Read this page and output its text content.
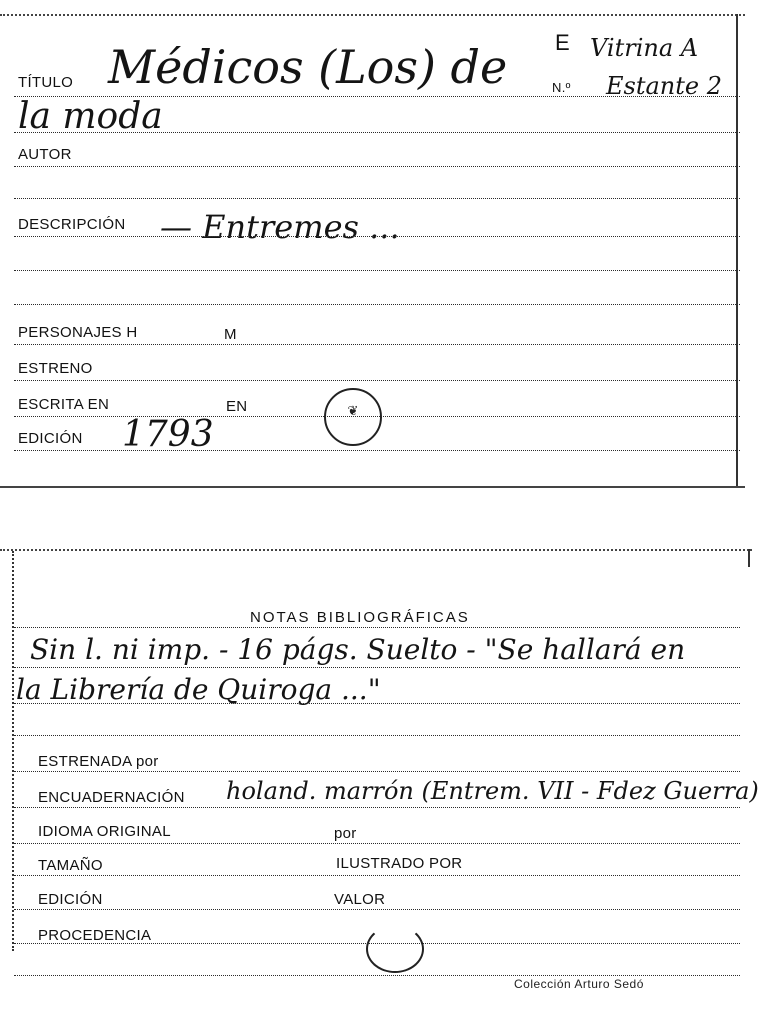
E Vitrina A
N.º Estante 2
TÍTULO Médicos (Los) de
la moda
AUTOR
DESCRIPCIÓN — Entremes ...
PERSONAJES H	M
ESTRENO
ESCRITA EN	EN	❦
EDICIÓN 1793
NOTAS BIBLIOGRÁFICAS
Sin l. ni imp. - 16 págs. Suelto - "Se hallará en
la Librería de Quiroga ..."
ESTRENADA por
ENCUADERNACIÓN holand. marrón (Entrem. VII - Fdez Guerra)
IDIOMA ORIGINAL	por
TAMAÑO	ILUSTRADO POR
EDICIÓN	VALOR
PROCEDENCIA
Colección Arturo Sedó
